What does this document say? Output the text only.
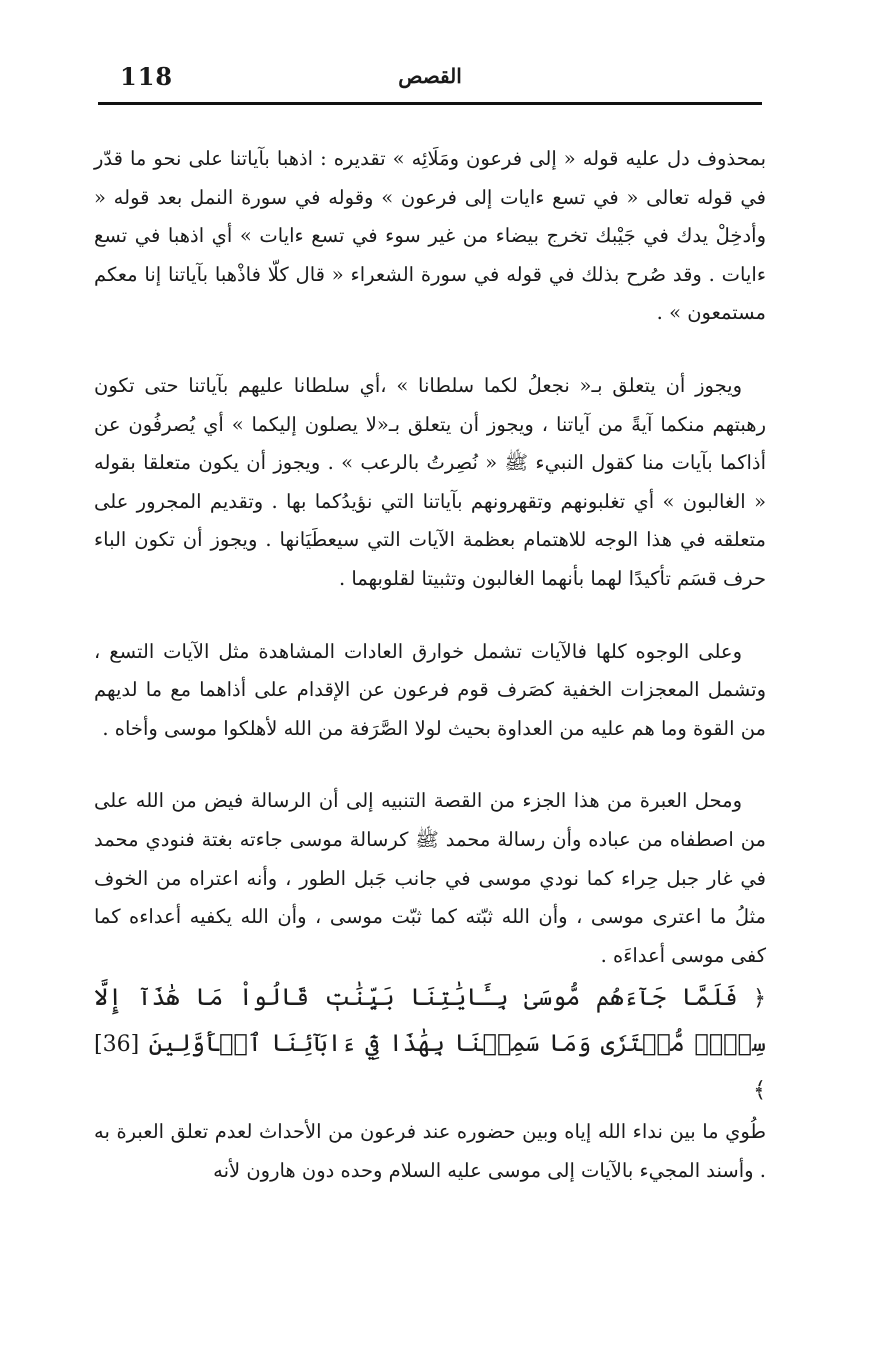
118	القصص

بمحذوف دل عليه قوله « إلى فرعون ومَلَائِه » تقديره : اذهبا بآياتنا على نحو ما قدّر في قوله تعالى « في تسع ءايات إلى فرعون » وقوله في سورة النمل بعد قوله « وأدخِلْ يدك في جَيْبك تخرج بيضاء من غير سوء في تسع ءايات » أي اذهبا في تسع ءايات . وقد صُرح بذلك في قوله في سورة الشعراء « قال كلّا فاذْهبا بآياتنا إنا معكم مستمعون » .

ويجوز أن يتعلق بـ« نجعلُ لكما سلطانا » ،أي سلطانا عليهم بآياتنا حتى تكون رهبتهم منكما آيةً من آياتنا ، ويجوز أن يتعلق بـ«لا يصلون إليكما » أي يُصرفُون عن أذاكما بآيات منا كقول النبيء ﷺ « نُصِرتُ بالرعب » . ويجوز أن يكون متعلقا بقوله « الغالبون » أي تغلبونهم وتقهرونهم بآياتنا التي نؤيدُكما بها . وتقديم المجرور على متعلقه في هذا الوجه للاهتمام بعظمة الآيات التي سيعطَيَانها . ويجوز أن تكون الباء حرف قسَم تأكيدًا لهما بأنهما الغالبون وتثبيتا لقلوبهما .

وعلى الوجوه كلها فالآيات تشمل خوارق العادات المشاهدة مثل الآيات التسع ، وتشمل المعجزات الخفية كصَرف قوم فرعون عن الإقدام على أذاهما مع ما لديهم من القوة وما هم عليه من العداوة بحيث لولا الصَّرَفة من الله لأهلكوا موسى وأخاه .

ومحل العبرة من هذا الجزء من القصة التنبيه إلى أن الرسالة فيض من الله على من اصطفاه من عباده وأن رسالة محمد ﷺ كرسالة موسى جاءته بغتة فنودي محمد في غار جبل حِراء كما نودي موسى في جانب جَبل الطور ، وأنه اعتراه من الخوف مثلُ ما اعترى موسى ، وأن الله ثبّته كما ثبّت موسى ، وأن الله يكفيه أعداءه كما كفى موسى أعداءَه .

﴿ فَلَمَّا جَآءَهُم مُّوسَىٰ بِـَٔايَٰتِنَا بَيِّنَٰتٖ قَالُواْ مَا هَٰذَآ إِلَّا سِحۡرٞ مُّفۡتَرٗى وَمَا سَمِعۡنَا بِهَٰذَا فِيٓ ءَابَآئِنَا ٱلۡأَوَّلِينَ [36] ﴾

طُوي ما بين نداء الله إياه وبين حضوره عند فرعون من الأحداث لعدم تعلق العبرة به . وأسند المجيء بالآيات إلى موسى عليه السلام وحده دون هارون لأنه
